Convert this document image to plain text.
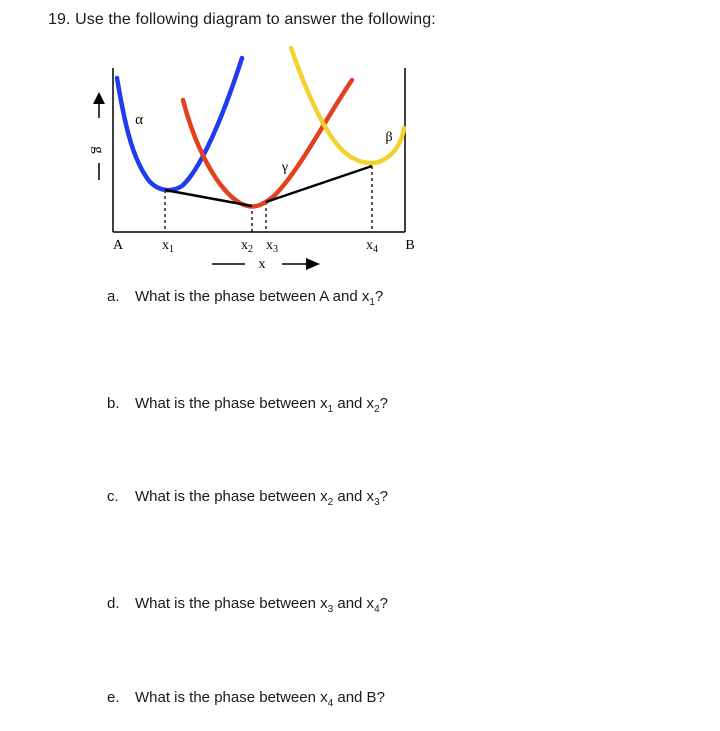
19. Use the following diagram to answer the following:
g
α
γ
β
A	B
$x_1$	$x_2$ $x_3$	$x_4$
x
a. What is the phase between A and $x_1$?
b. What is the phase between $x_1$ and $x_2$?
c. What is the phase between $x_2$ and $x_3$?
d. What is the phase between $x_3$ and $x_4$?
e. What is the phase between $x_4$ and B?
